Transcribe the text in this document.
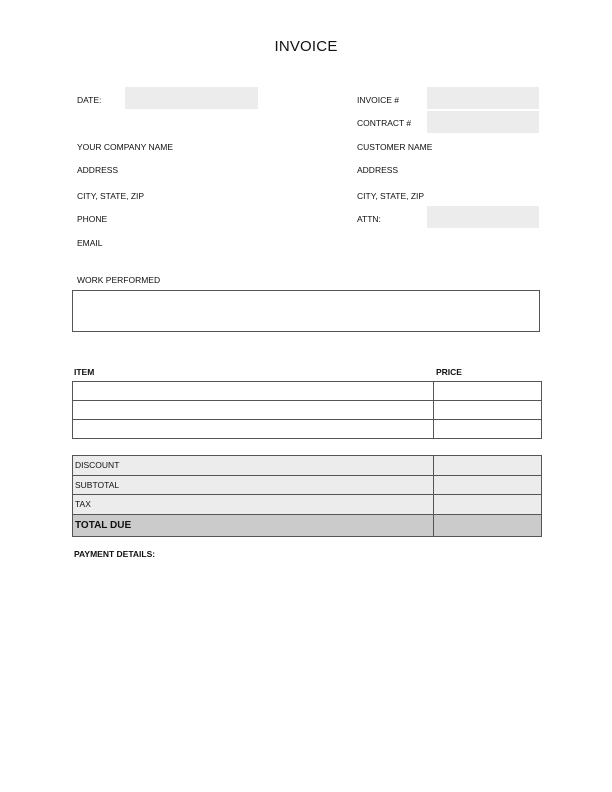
INVOICE
DATE:
YOUR COMPANY NAME
ADDRESS
CITY, STATE, ZIP
PHONE
EMAIL
INVOICE #
CONTRACT #
CUSTOMER NAME
ADDRESS
CITY, STATE, ZIP
ATTN:
WORK PERFORMED
ITEM	PRICE

DISCOUNT	
SUBTOTAL	
TAX	
TOTAL DUE	
PAYMENT DETAILS:
